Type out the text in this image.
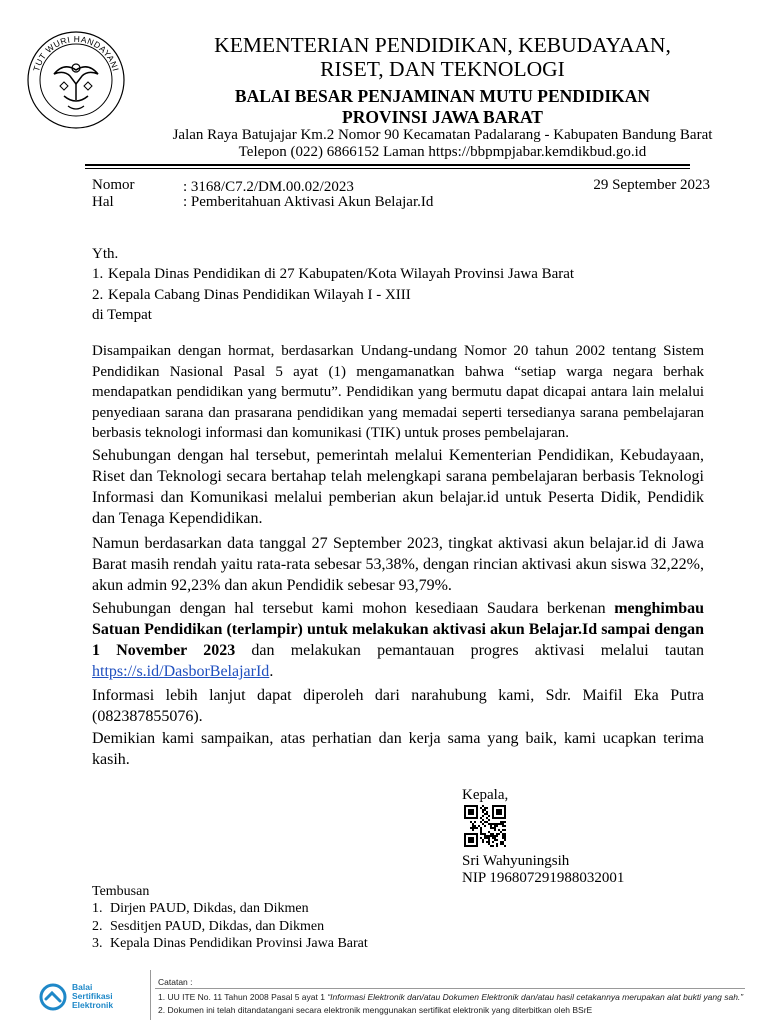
TUT WURI HANDAYANI
KEMENTERIAN PENDIDIKAN, KEBUDAYAAN,
RISET, DAN TEKNOLOGI
BALAI BESAR PENJAMINAN MUTU PENDIDIKAN
PROVINSI JAWA BARAT
Jalan Raya Batujajar Km.2 Nomor 90 Kecamatan Padalarang - Kabupaten Bandung Barat
Telepon (022) 6866152 Laman https://bbpmpjabar.kemdikbud.go.id
Nomor	: 3168/C7.2/DM.00.02/2023
Hal	: Pemberitahuan Aktivasi Akun Belajar.Id
29 September 2023
Yth.
1. Kepala Dinas Pendidikan di 27 Kabupaten/Kota Wilayah Provinsi Jawa Barat
2. Kepala Cabang Dinas Pendidikan Wilayah I - XIII
di Tempat
Disampaikan dengan hormat, berdasarkan Undang-undang Nomor 20 tahun 2002 tentang Sistem Pendidikan Nasional Pasal 5 ayat (1) mengamanatkan bahwa “setiap warga negara berhak mendapatkan pendidikan yang bermutu”. Pendidikan yang bermutu dapat dicapai antara lain melalui penyediaan sarana dan prasarana pendidikan yang memadai seperti tersedianya sarana pembelajaran berbasis teknologi informasi dan komunikasi (TIK) untuk proses pembelajaran.
Sehubungan dengan hal tersebut, pemerintah melalui Kementerian Pendidikan, Kebudayaan, Riset dan Teknologi secara bertahap telah melengkapi sarana pembelajaran berbasis Teknologi Informasi dan Komunikasi melalui pemberian akun belajar.id untuk Peserta Didik, Pendidik dan Tenaga Kependidikan.
Namun berdasarkan data tanggal 27 September 2023, tingkat aktivasi akun belajar.id di Jawa Barat masih rendah yaitu rata-rata sebesar 53,38%, dengan rincian aktivasi akun siswa 32,22%, akun admin 92,23% dan akun Pendidik sebesar 93,79%.
Sehubungan dengan hal tersebut kami mohon kesediaan Saudara berkenan menghimbau Satuan Pendidikan (terlampir) untuk melakukan aktivasi akun Belajar.Id sampai dengan 1 November 2023 dan melakukan pemantauan progres aktivasi melalui tautan https://s.id/DasborBelajarId.
Informasi lebih lanjut dapat diperoleh dari narahubung kami, Sdr. Maifil Eka Putra (082387855076).
Demikian kami sampaikan, atas perhatian dan kerja sama yang baik, kami ucapkan terima kasih.
Kepala,
Sri Wahyuningsih
NIP 196807291988032001
Tembusan
1. Dirjen PAUD, Dikdas, dan Dikmen
2. Sesditjen PAUD, Dikdas, dan Dikmen
3. Kepala Dinas Pendidikan Provinsi Jawa Barat
Balai
Sertifikasi
Elektronik
Catatan :
1. UU ITE No. 11 Tahun 2008 Pasal 5 ayat 1 “Informasi Elektronik dan/atau Dokumen Elektronik dan/atau hasil cetakannya merupakan alat bukti yang sah.”
2. Dokumen ini telah ditandatangani secara elektronik menggunakan sertifikat elektronik yang diterbitkan oleh BSrE
